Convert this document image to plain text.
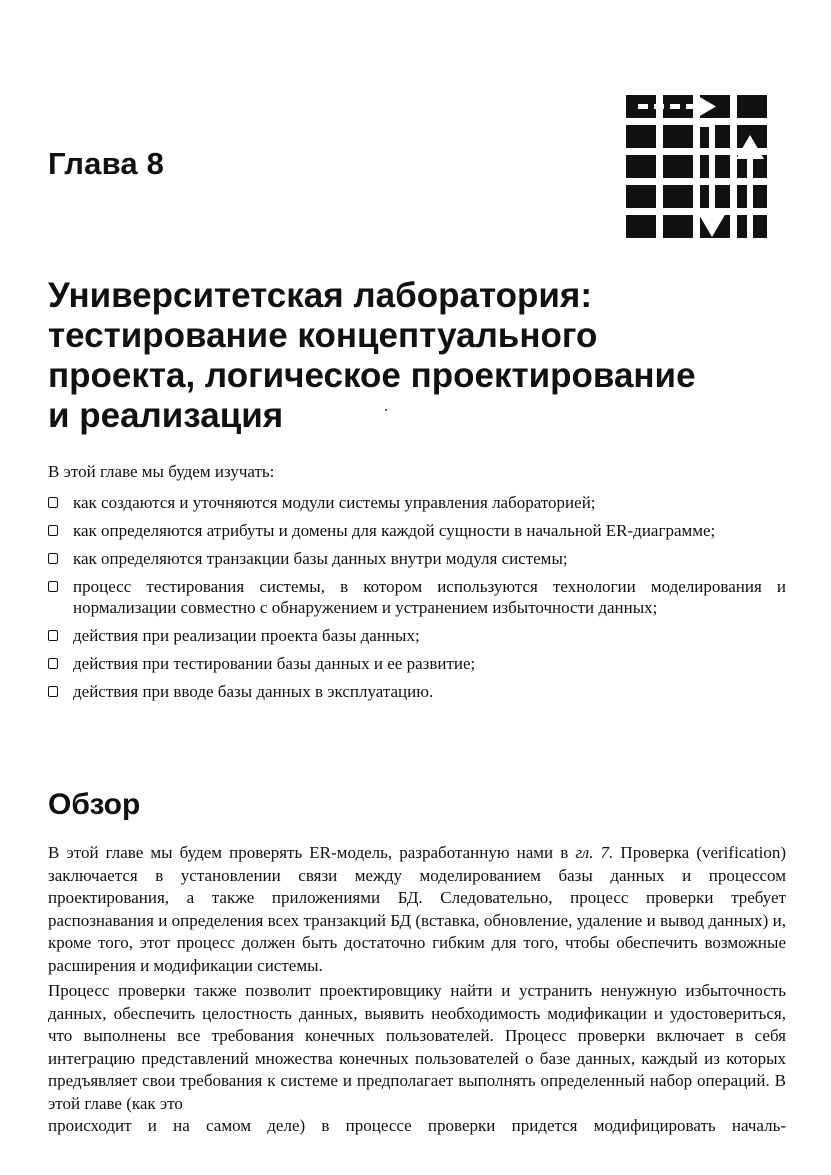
Глава 8
Университетская лаборатория:
тестирование концептуального
проекта, логическое проектирование
и реализация

В этой главе мы будем изучать:

как создаются и уточняются модули системы управления лабораторией;
как определяются атрибуты и домены для каждой сущности в начальной ER-диаграмме;
как определяются транзакции базы данных внутри модуля системы;
процесс тестирования системы, в котором используются технологии моделирования и нормализации совместно с обнаружением и устранением избыточности данных;
действия при реализации проекта базы данных;
действия при тестировании базы данных и ее развитие;
действия при вводе базы данных в эксплуатацию.
Обзор

В этой главе мы будем проверять ER-модель, разработанную нами в гл. 7. Проверка (verification) заключается в установлении связи между моделированием базы данных и процессом проектирования, а также приложениями БД. Следовательно, процесс проверки требует распознавания и определения всех транзакций БД (вставка, обновление, удаление и вывод данных) и, кроме того, этот процесс должен быть достаточно гибким для того, чтобы обеспечить возможные расширения и модификации системы.

Процесс проверки также позволит проектировщику найти и устранить ненужную избыточность данных, обеспечить целостность данных, выявить необходимость модификации и удостовериться, что выполнены все требования конечных пользователей. Процесс проверки включает в себя интеграцию представлений множества конечных пользователей о базе данных, каждый из которых предъявляет свои требования к системе и предполагает выполнять определенный набор операций. В этой главе (как это
происходит и на самом деле) в процессе проверки придется модифицировать началь-
